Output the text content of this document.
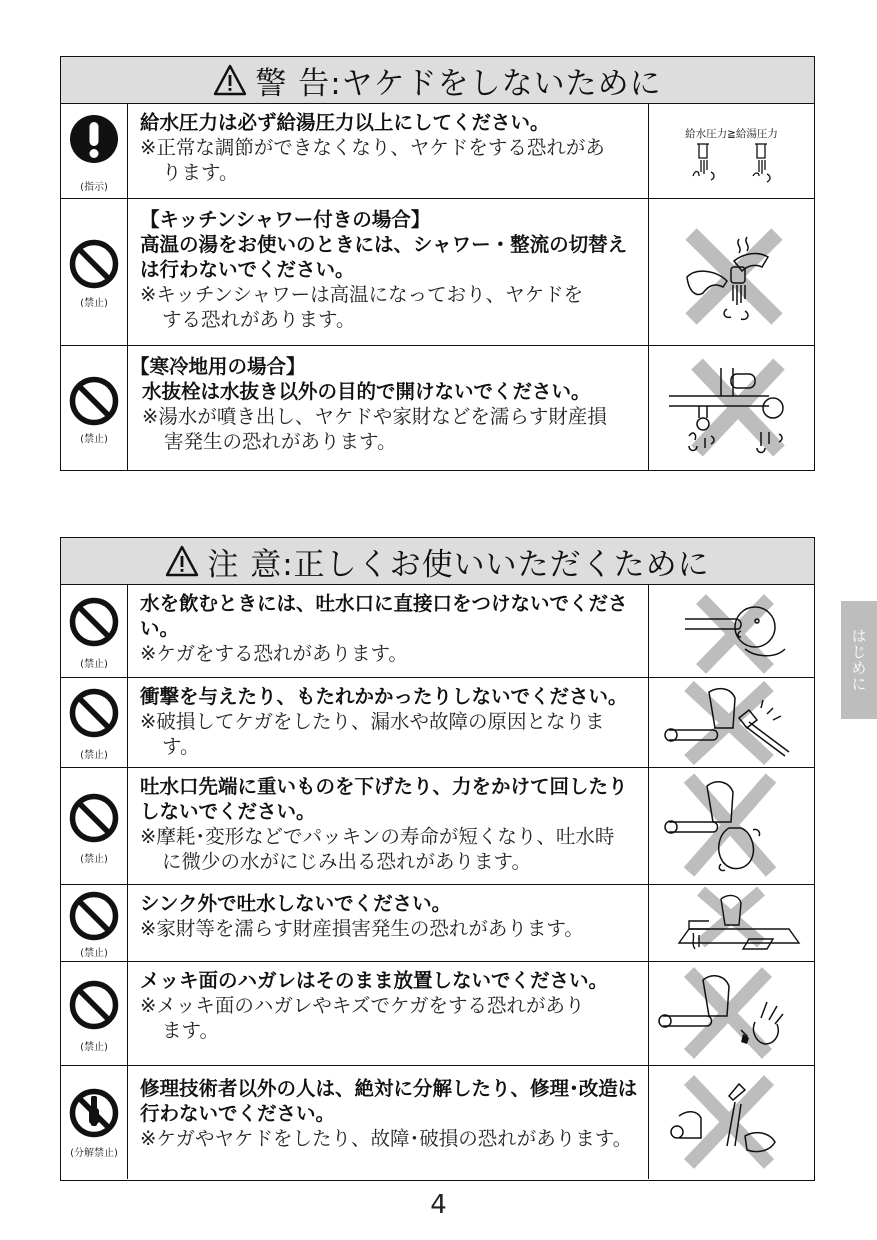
警 告:ヤケドをしないために
(指示)
給水圧力は必ず給湯圧力以上にしてください。
※正常な調節ができなくなり、ヤケドをする恐れがあ
ります。
給水圧力≧給湯圧力
(禁止)
【キッチンシャワー付きの場合】
高温の湯をお使いのときには、シャワー・整流の切替えは行わないでください。
※キッチンシャワーは高温になっており、ヤケドを
する恐れがあります。
(禁止)
【寒冷地用の場合】
水抜栓は水抜き以外の目的で開けないでください。
※湯水が噴き出し、ヤケドや家財などを濡らす財産損
害発生の恐れがあります。
注 意:正しくお使いいただくために
(禁止)
水を飲むときには、吐水口に直接口をつけないでください。
※ケガをする恐れがあります。
(禁止)
衝撃を与えたり、もたれかかったりしないでください。
※破損してケガをしたり、漏水や故障の原因となりま
す。
(禁止)
吐水口先端に重いものを下げたり、力をかけて回したりしないでください。
※摩耗･変形などでパッキンの寿命が短くなり、吐水時
に微少の水がにじみ出る恐れがあります。
(禁止)
シンク外で吐水しないでください。
※家財等を濡らす財産損害発生の恐れがあります。
(禁止)
メッキ面のハガレはそのまま放置しないでください。
※メッキ面のハガレやキズでケガをする恐れがあり
ます。
(分解禁止)
修理技術者以外の人は、絶対に分解したり、修理･改造は行わないでください。
※ケガやヤケドをしたり、故障･破損の恐れがあります。
はじめに
4
